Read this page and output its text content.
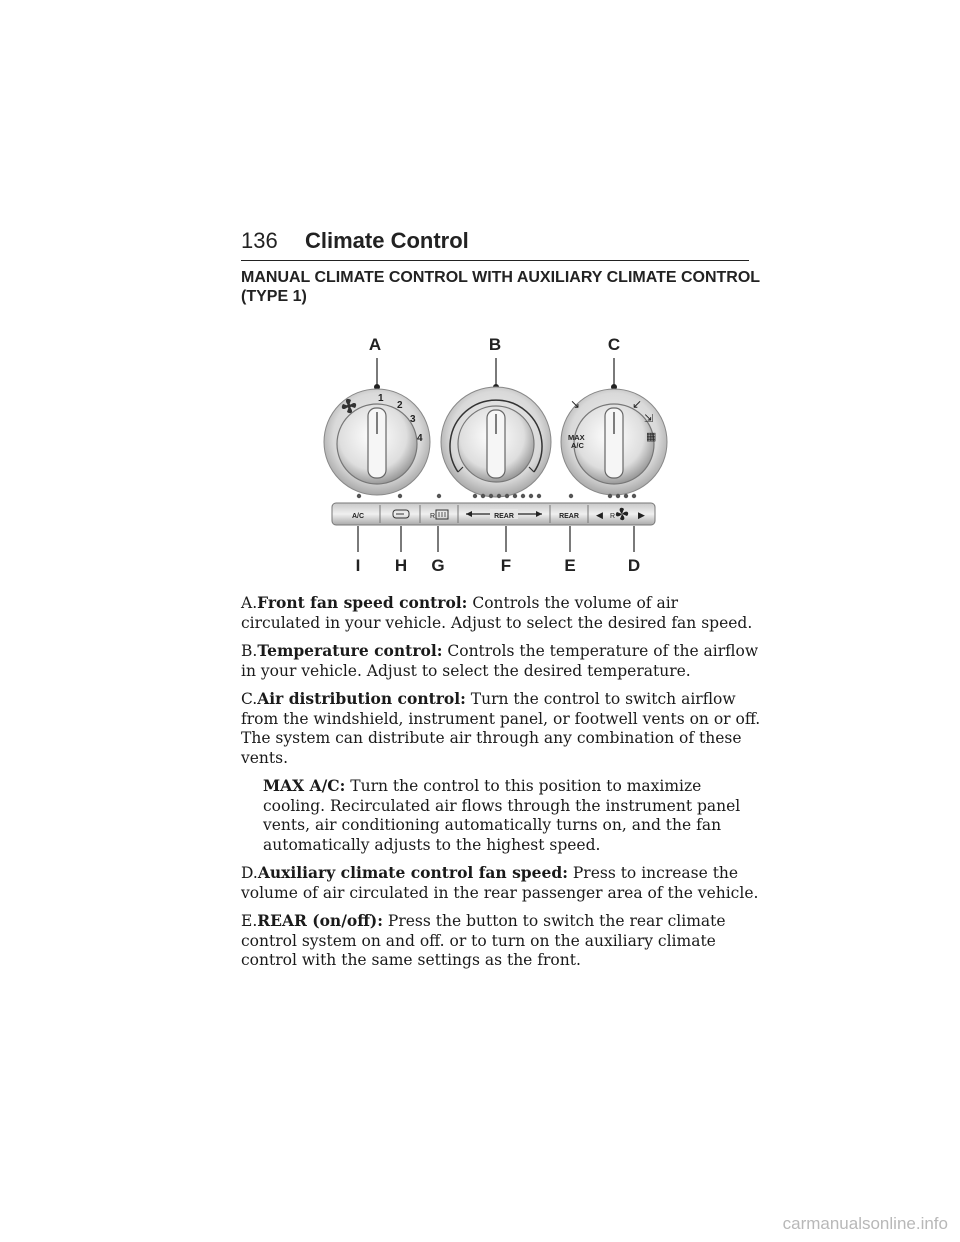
136 Climate Control
MANUAL CLIMATE CONTROL WITH AUXILIARY CLIMATE CONTROL (TYPE 1)
A	B	C
1
2
3
4
↘	↙
⇲
▦
MAX
A/C
A/C	R	REAR	REAR ◀ R	▶
I H G	F	E	D

A.Front fan speed control: Controls the volume of air circulated in your vehicle. Adjust to select the desired fan speed.

B.Temperature control: Controls the temperature of the airflow in your vehicle. Adjust to select the desired temperature.

C.Air distribution control: Turn the control to switch airflow from the windshield, instrument panel, or footwell vents on or off. The system can distribute air through any combination of these vents.

MAX A/C: Turn the control to this position to maximize cooling. Recirculated air flows through the instrument panel vents, air conditioning automatically turns on, and the fan automatically adjusts to the highest speed.

D.Auxiliary climate control fan speed: Press to increase the volume of air circulated in the rear passenger area of the vehicle.

E.REAR (on/off): Press the button to switch the rear climate control system on and off. or to turn on the auxiliary climate control with the same settings as the front.

carmanualsonline.info
